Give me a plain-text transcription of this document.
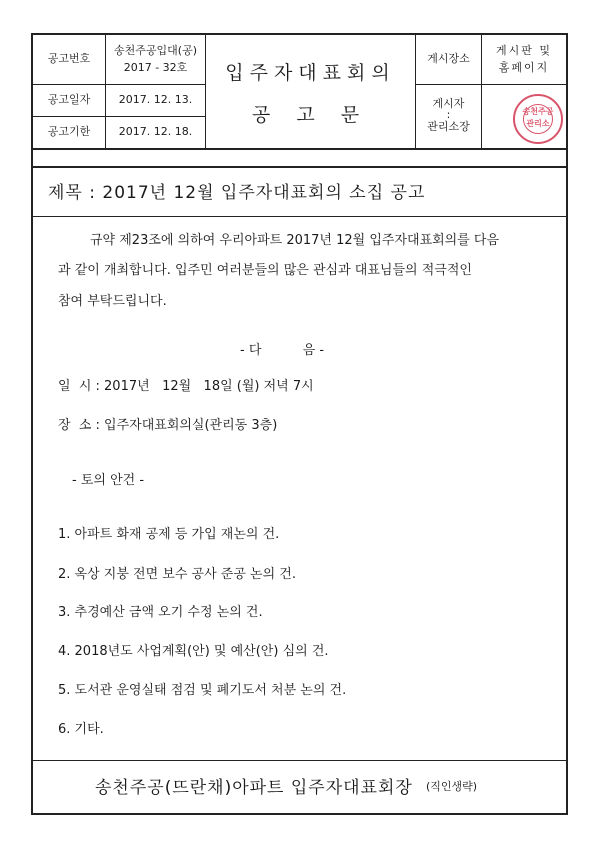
공고번호
송천주공입대(공)
2017 - 32호
공고일자	2017. 12. 13.
공고기한	2017. 12. 18.
입주자대표회의
공 고 문
게시장소
게시판 및
홈페이지
게시자
:
관리소장
송천주공
관리소
제목 : 2017년 12월 입주자대표회의 소집 공고
규약 제23조에 의하여 우리아파트 2017년 12월 입주자대표회의를 다음
과 같이 개최합니다. 입주민 여러분들의 많은 관심과 대표님들의 적극적인
참여 부탁드립니다.
- 다          음 -
일  시 : 2017년   12월   18일 (월) 저녁 7시
장  소 : 입주자대표회의실(관리동 3층)
- 토의 안건 -
1. 아파트 화재 공제 등 가입 재논의 건.
2. 옥상 지붕 전면 보수 공사 준공 논의 건.
3. 추경예산 금액 오기 수정 논의 건.
4. 2018년도 사업계획(안) 및 예산(안) 심의 건.
5. 도서관 운영실태 점검 및 폐기도서 처분 논의 건.
6. 기타.
송천주공(뜨란채)아파트 입주자대표회장 (직인생략)
